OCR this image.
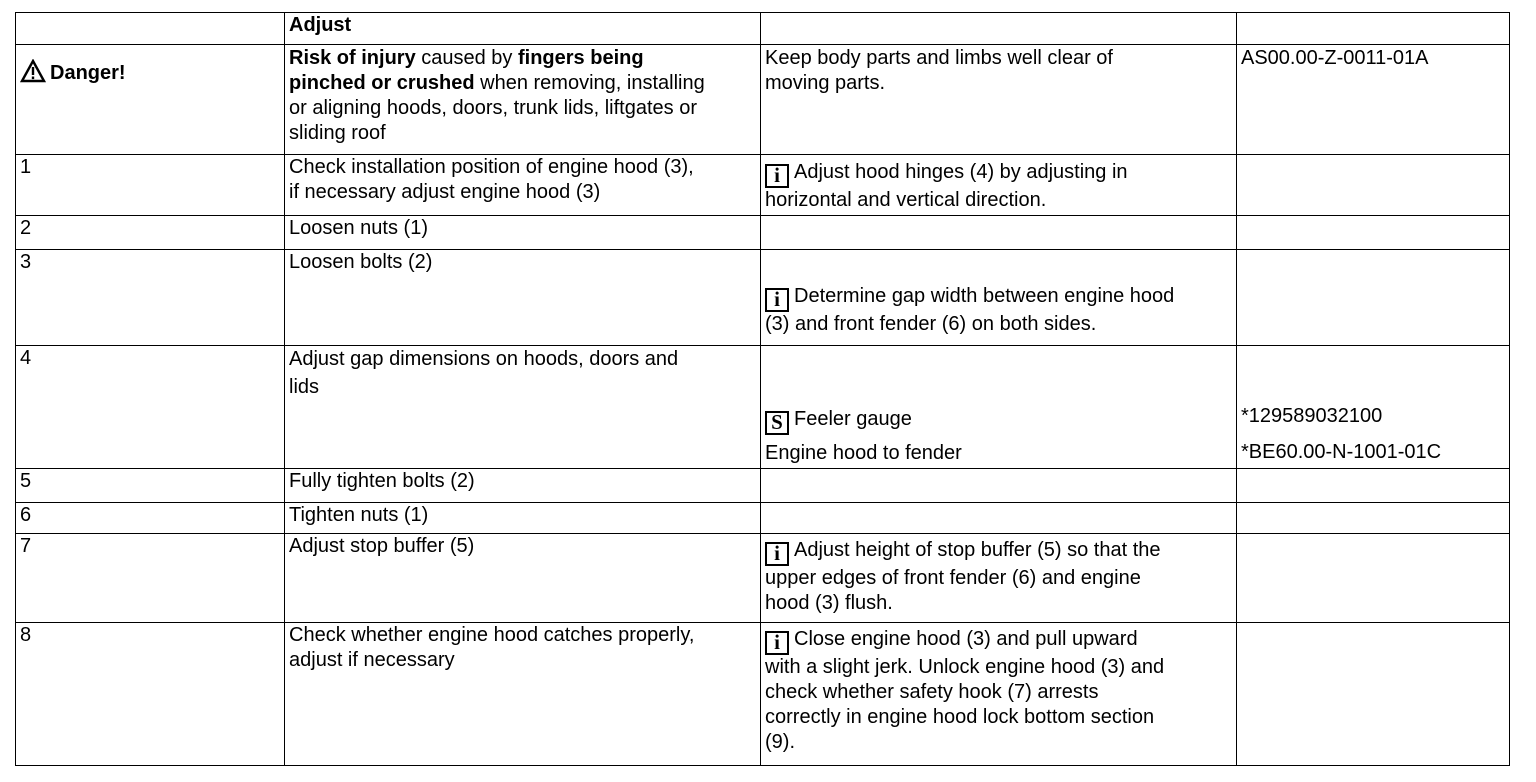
	Adjust		
Danger!	Risk of injury caused by fingers being
pinched or crushed when removing, installing
or aligning hoods, doors, trunk lids, liftgates or
sliding roof	Keep body parts and limbs well clear of
moving parts.	AS00.00-Z-0011-01A
1	Check installation position of engine hood (3),
if necessary adjust engine hood (3)	i Adjust hood hinges (4) by adjusting in
horizontal and vertical direction.	

2	Loosen nuts (1)		
3	Loosen bolts (2)	i Determine gap width between engine hood
(3) and front fender (6) on both sides.	

4	Adjust gap dimensions on hoods, doors and
lids	S Feeler gauge
Engine hood to fender	*129589032100
*BE60.00-N-1001-01C

5	Fully tighten bolts (2)		
6	Tighten nuts (1)		
7	Adjust stop buffer (5)	i Adjust height of stop buffer (5) so that the
upper edges of front fender (6) and engine
hood (3) flush.	

8	Check whether engine hood catches properly,
adjust if necessary	i Close engine hood (3) and pull upward
with a slight jerk. Unlock engine hood (3) and
check whether safety hook (7) arrests
correctly in engine hood lock bottom section
(9).	
